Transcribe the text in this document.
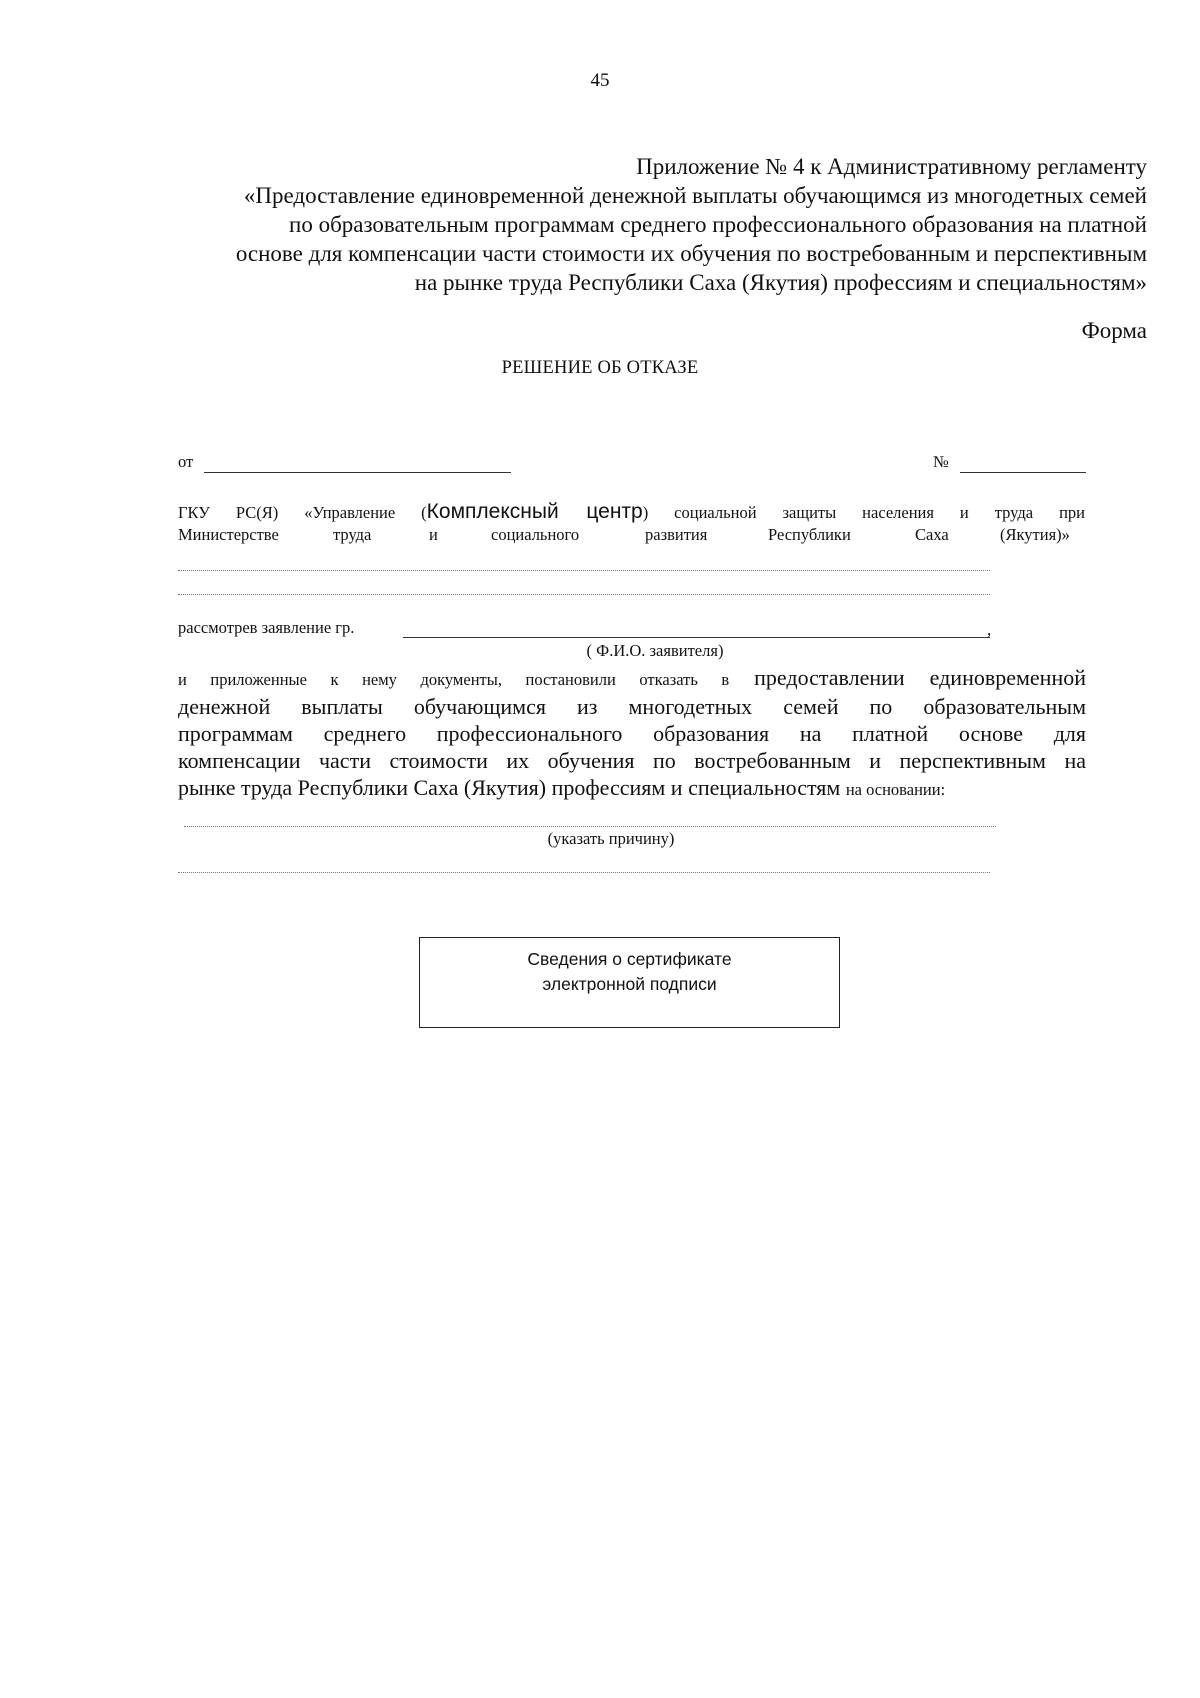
45
Приложение № 4 к Административному регламенту
«Предоставление единовременной денежной выплаты обучающимся из многодетных семей
по образовательным программам среднего профессионального образования на платной
основе для компенсации части стоимости их обучения по востребованным и перспективным
на рынке труда Республики Саха (Якутия) профессиям и специальностям»
Форма
РЕШЕНИЕ ОБ ОТКАЗЕ
от	№
ГКУ РС(Я) «Управление (Комплексный центр) социальной защиты населения и труда при
Министерстве	труда	и	социального	развития	Республики	Саха	(Якутия)»
рассмотрев заявление гр.	,
( Ф.И.О. заявителя)
и приложенные к нему документы, постановили отказать в предоставлении единовременной
денежной выплаты обучающимся из многодетных семей по образовательным
программам среднего профессионального образования на платной основе для
компенсации части стоимости их обучения по востребованным и перспективным на
рынке труда Республики Саха (Якутия) профессиям и специальностям на основании:
(указать причину)
Сведения о сертификате
электронной подписи
